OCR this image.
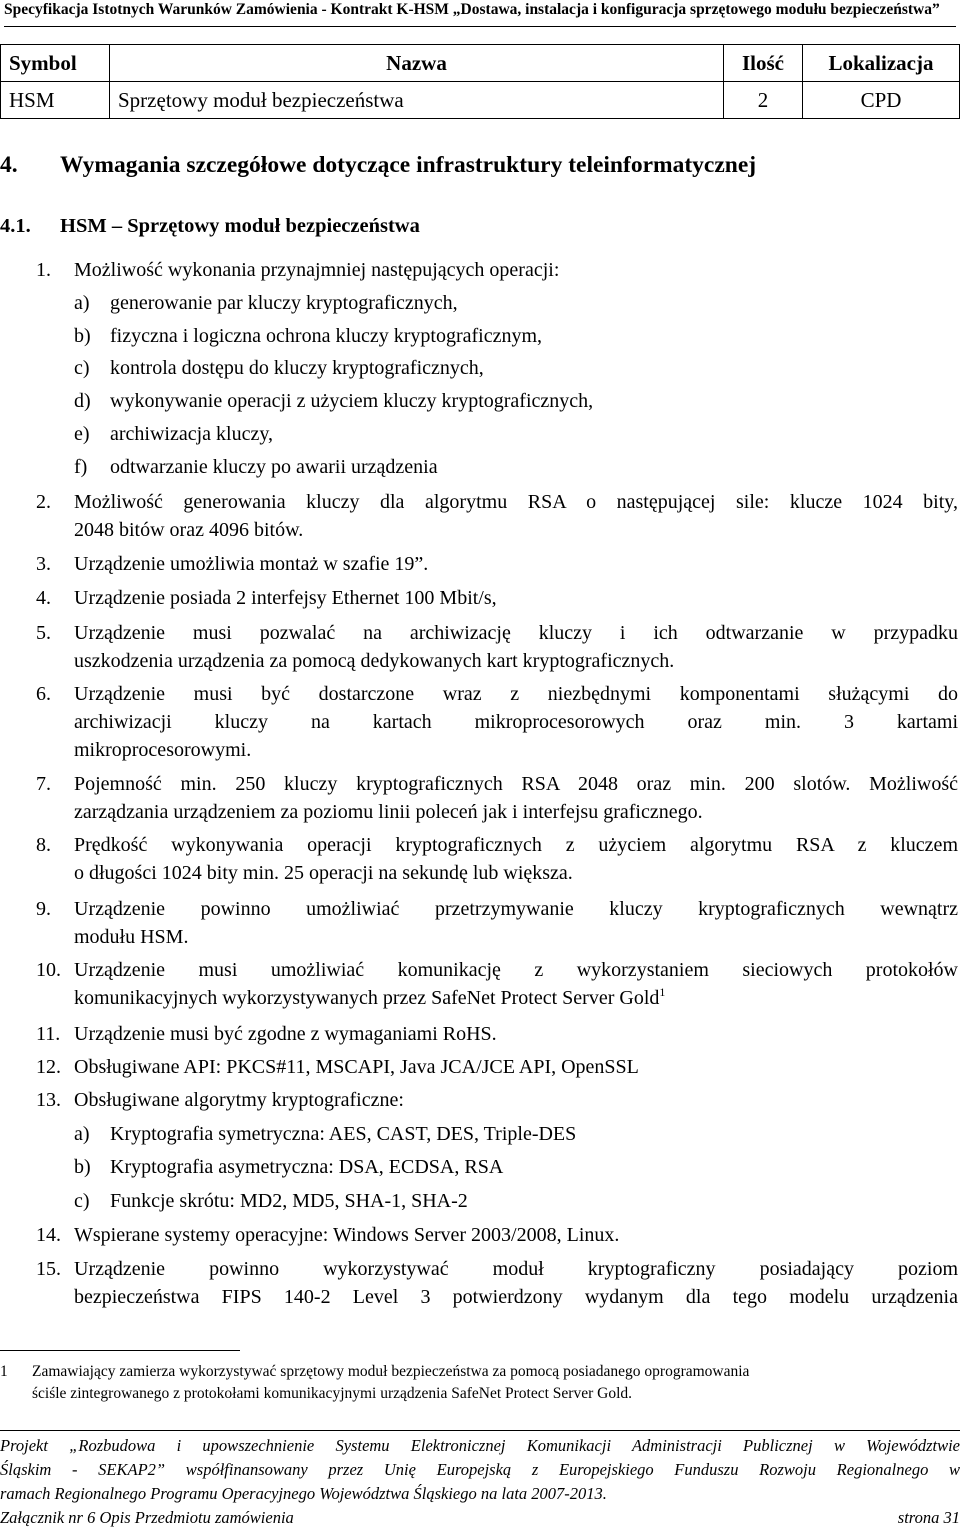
Specyfikacja Istotnych Warunków Zamówienia - Kontrakt K-HSM „Dostawa, instalacja i konfiguracja sprzętowego modułu bezpieczeństwa”
Symbol	Nazwa	Ilość	Lokalizacja
HSM	Sprzętowy moduł bezpieczeństwa	2	CPD
4. Wymagania szczegółowe dotyczące infrastruktury teleinformatycznej
4.1. HSM – Sprzętowy moduł bezpieczeństwa
1. Możliwość wykonania przynajmniej następujących operacji:
a) generowanie par kluczy kryptograficznych,
b) fizyczna i logiczna ochrona kluczy kryptograficznym,
c) kontrola dostępu do kluczy kryptograficznych,
d) wykonywanie operacji z użyciem kluczy kryptograficznych,
e) archiwizacja kluczy,
f) odtwarzanie kluczy po awarii urządzenia
2. Możliwość generowania kluczy dla algorytmu RSA o następującej sile: klucze 1024 bity,
2048 bitów oraz 4096 bitów.
3. Urządzenie umożliwia montaż w szafie 19”.
4. Urządzenie posiada 2 interfejsy Ethernet 100 Mbit/s,
5. Urządzenie musi pozwalać na archiwizację kluczy i ich odtwarzanie w przypadku
uszkodzenia urządzenia za pomocą dedykowanych kart kryptograficznych.
6. Urządzenie musi być dostarczone wraz z niezbędnymi komponentami służącymi do
archiwizacji kluczy na kartach mikroprocesorowych oraz min. 3 kartami
mikroprocesorowymi.
7. Pojemność min. 250 kluczy kryptograficznych RSA 2048 oraz min. 200 slotów. Możliwość
zarządzania urządzeniem za poziomu linii poleceń jak i interfejsu graficznego.
8. Prędkość wykonywania operacji kryptograficznych z użyciem algorytmu RSA z kluczem
o długości 1024 bity min. 25 operacji na sekundę lub większa.
9. Urządzenie powinno umożliwiać przetrzymywanie kluczy kryptograficznych wewnątrz
modułu HSM.
10. Urządzenie musi umożliwiać komunikację z wykorzystaniem sieciowych protokołów
komunikacyjnych wykorzystywanych przez SafeNet Protect Server Gold$^1$
11. Urządzenie musi być zgodne z wymaganiami RoHS.
12. Obsługiwane API: PKCS#11, MSCAPI, Java JCA/JCE API, OpenSSL
13. Obsługiwane algorytmy kryptograficzne:
a) Kryptografia symetryczna: AES, CAST, DES, Triple-DES
b) Kryptografia asymetryczna: DSA, ECDSA, RSA
c) Funkcje skrótu: MD2, MD5, SHA-1, SHA-2
14. Wspierane systemy operacyjne: Windows Server 2003/2008, Linux.
15. Urządzenie powinno wykorzystywać moduł kryptograficzny posiadający poziom
bezpieczeństwa FIPS 140-2 Level 3 potwierdzony wydanym dla tego modelu urządzenia
1 Zamawiający zamierza wykorzystywać sprzętowy moduł bezpieczeństwa za pomocą posiadanego oprogramowania
ściśle zintegrowanego z protokołami komunikacyjnymi urządzenia SafeNet Protect Server Gold.
Projekt „Rozbudowa i upowszechnienie Systemu Elektronicznej Komunikacji Administracji Publicznej w Województwie
Śląskim - SEKAP2” współfinansowany przez Unię Europejską z Europejskiego Funduszu Rozwoju Regionalnego w
ramach Regionalnego Programu Operacyjnego Województwa Śląskiego na lata 2007-2013.
Załącznik nr 6 Opis Przedmiotu zamówienia	strona 31
